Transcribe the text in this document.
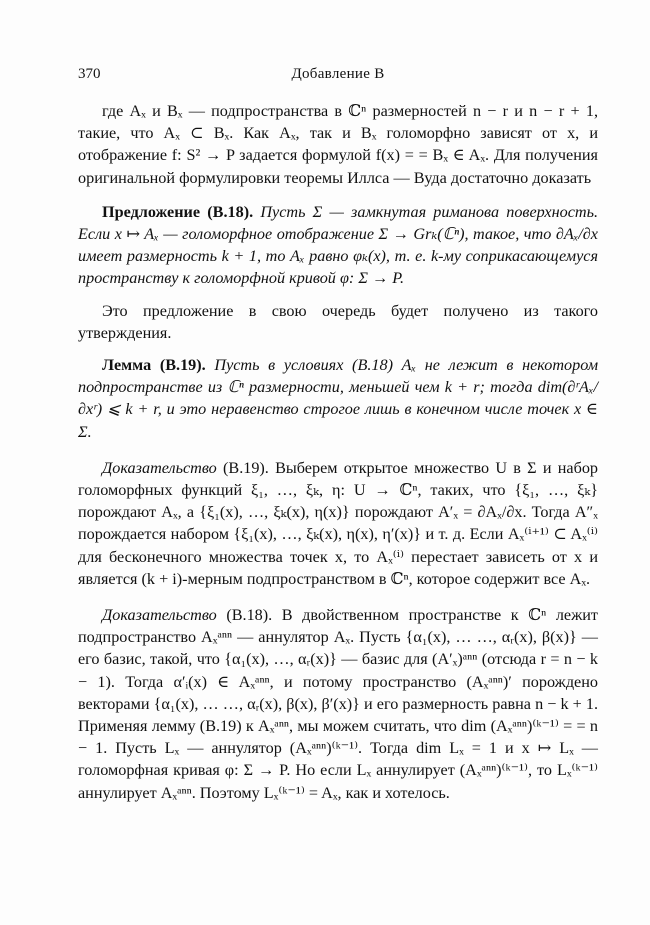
370	Добавление В

где Aₓ и Bₓ — подпространства в ℂⁿ размерностей n − r и n − r + 1, такие, что Aₓ ⊂ Bₓ. Как Aₓ, так и Bₓ голоморфно зависят от x, и отображение f: S² → P задается формулой f(x) = = Bₓ ∈ Aₓ. Для получения оригинальной формулировки теоремы Иллса — Вуда достаточно доказать

Предложение (В.18). Пусть Σ — замкнутая риманова поверхность. Если x ↦ Aₓ — голоморфное отображение Σ → Grₖ(ℂⁿ), такое, что ∂Aₓ/∂x имеет размерность k + 1, то Aₓ равно φₖ(x), т. е. k-му соприкасающемуся пространству к голоморфной кривой φ: Σ → P.

Это предложение в свою очередь будет получено из такого утверждения.

Лемма (В.19). Пусть в условиях (В.18) Aₓ не лежит в некотором подпространстве из ℂⁿ размерности, меньшей чем k + r; тогда dim(∂ʳAₓ/∂xʳ) ⩽ k + r, и это неравенство строгое лишь в конечном числе точек x ∈ Σ.

Доказательство (В.19). Выберем открытое множество U в Σ и набор голоморфных функций ξ₁, …, ξₖ, η: U → ℂⁿ, таких, что {ξ₁, …, ξₖ} порождают Aₓ, а {ξ₁(x), …, ξₖ(x), η(x)} порождают A′ₓ = ∂Aₓ/∂x. Тогда A″ₓ порождается набором {ξ₁(x), …, ξₖ(x), η(x), η′(x)} и т. д. Если Aₓ⁽ⁱ⁺¹⁾ ⊂ Aₓ⁽ⁱ⁾ для бесконечного множества точек x, то Aₓ⁽ⁱ⁾ перестает зависеть от x и является (k + i)-мерным подпространством в ℂⁿ, которое содержит все Aₓ.

Доказательство (В.18). В двойственном пространстве к ℂⁿ лежит подпространство Aₓᵃⁿⁿ — аннулятор Aₓ. Пусть {α₁(x), … …, αᵣ(x), β(x)} — его базис, такой, что {α₁(x), …, αᵣ(x)} — базис для (A′ₓ)ᵃⁿⁿ (отсюда r = n − k − 1). Тогда α′ᵢ(x) ∈ Aₓᵃⁿⁿ, и потому пространство (Aₓᵃⁿⁿ)′ порождено векторами {α₁(x), … …, αᵣ(x), β(x), β′(x)} и его размерность равна n − k + 1. Применяя лемму (В.19) к Aₓᵃⁿⁿ, мы можем считать, что dim (Aₓᵃⁿⁿ)⁽ᵏ⁻¹⁾ = = n − 1. Пусть Lₓ — аннулятор (Aₓᵃⁿⁿ)⁽ᵏ⁻¹⁾. Тогда dim Lₓ = 1 и x ↦ Lₓ — голоморфная кривая φ: Σ → P. Но если Lₓ аннулирует (Aₓᵃⁿⁿ)⁽ᵏ⁻¹⁾, то Lₓ⁽ᵏ⁻¹⁾ аннулирует Aₓᵃⁿⁿ. Поэтому Lₓ⁽ᵏ⁻¹⁾ = Aₓ, как и хотелось.
